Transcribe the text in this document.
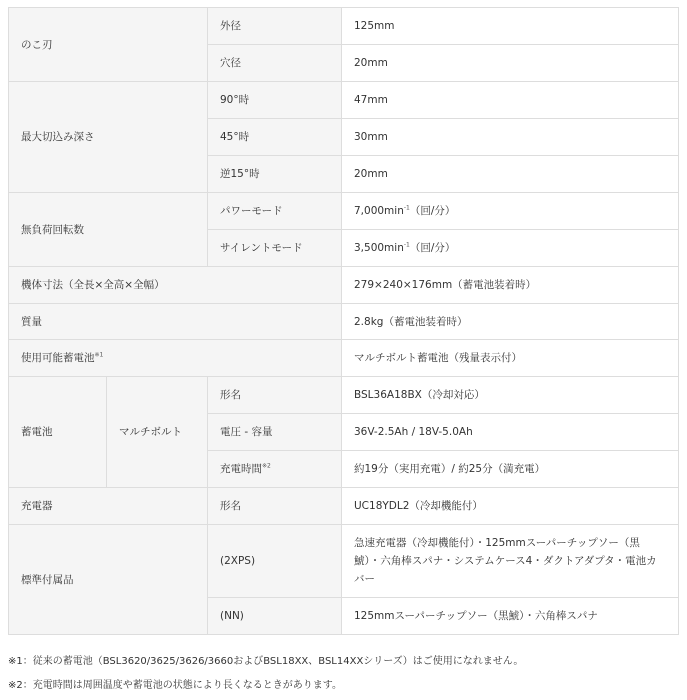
のこ刃		外径	125mm
		穴径	20mm
最大切込み深さ		90°時	47mm
		45°時	30mm
		逆15°時	20mm
無負荷回転数		パワーモード	$7,000\min^{-1}$（回/分）
		サイレントモード	$3,500\min^{-1}$（回/分）
機体寸法（全長×全高×全幅）			279×240×176mm（蓄電池装着時）
質量			2.8kg（蓄電池装着時）
使用可能蓄電池$^{※1}$			マルチボルト蓄電池（残量表示付）
蓄電池	マルチボルト	形名	BSL36A18BX（冷却対応）
		電圧 - 容量	36V-2.5Ah / 18V-5.0Ah
		充電時間$^{※2}$	約19分（実用充電）/ 約25分（満充電）
充電器		形名	UC18YDL2（冷却機能付）
標準付属品		(2XPS)	急速充電器（冷却機能付）・125mmスーパーチップソー（黒鯱）・六角棒スパナ・システムケース4・ダクトアダプタ・電池カバー
		(NN)	125mmスーパーチップソー（黒鯱）・六角棒スパナ
※1：従来の蓄電池（BSL3620/3625/3626/3660およびBSL18XX、BSL14XXシリーズ）はご使用になれません。
※2：充電時間は周囲温度や蓄電池の状態により長くなるときがあります。
